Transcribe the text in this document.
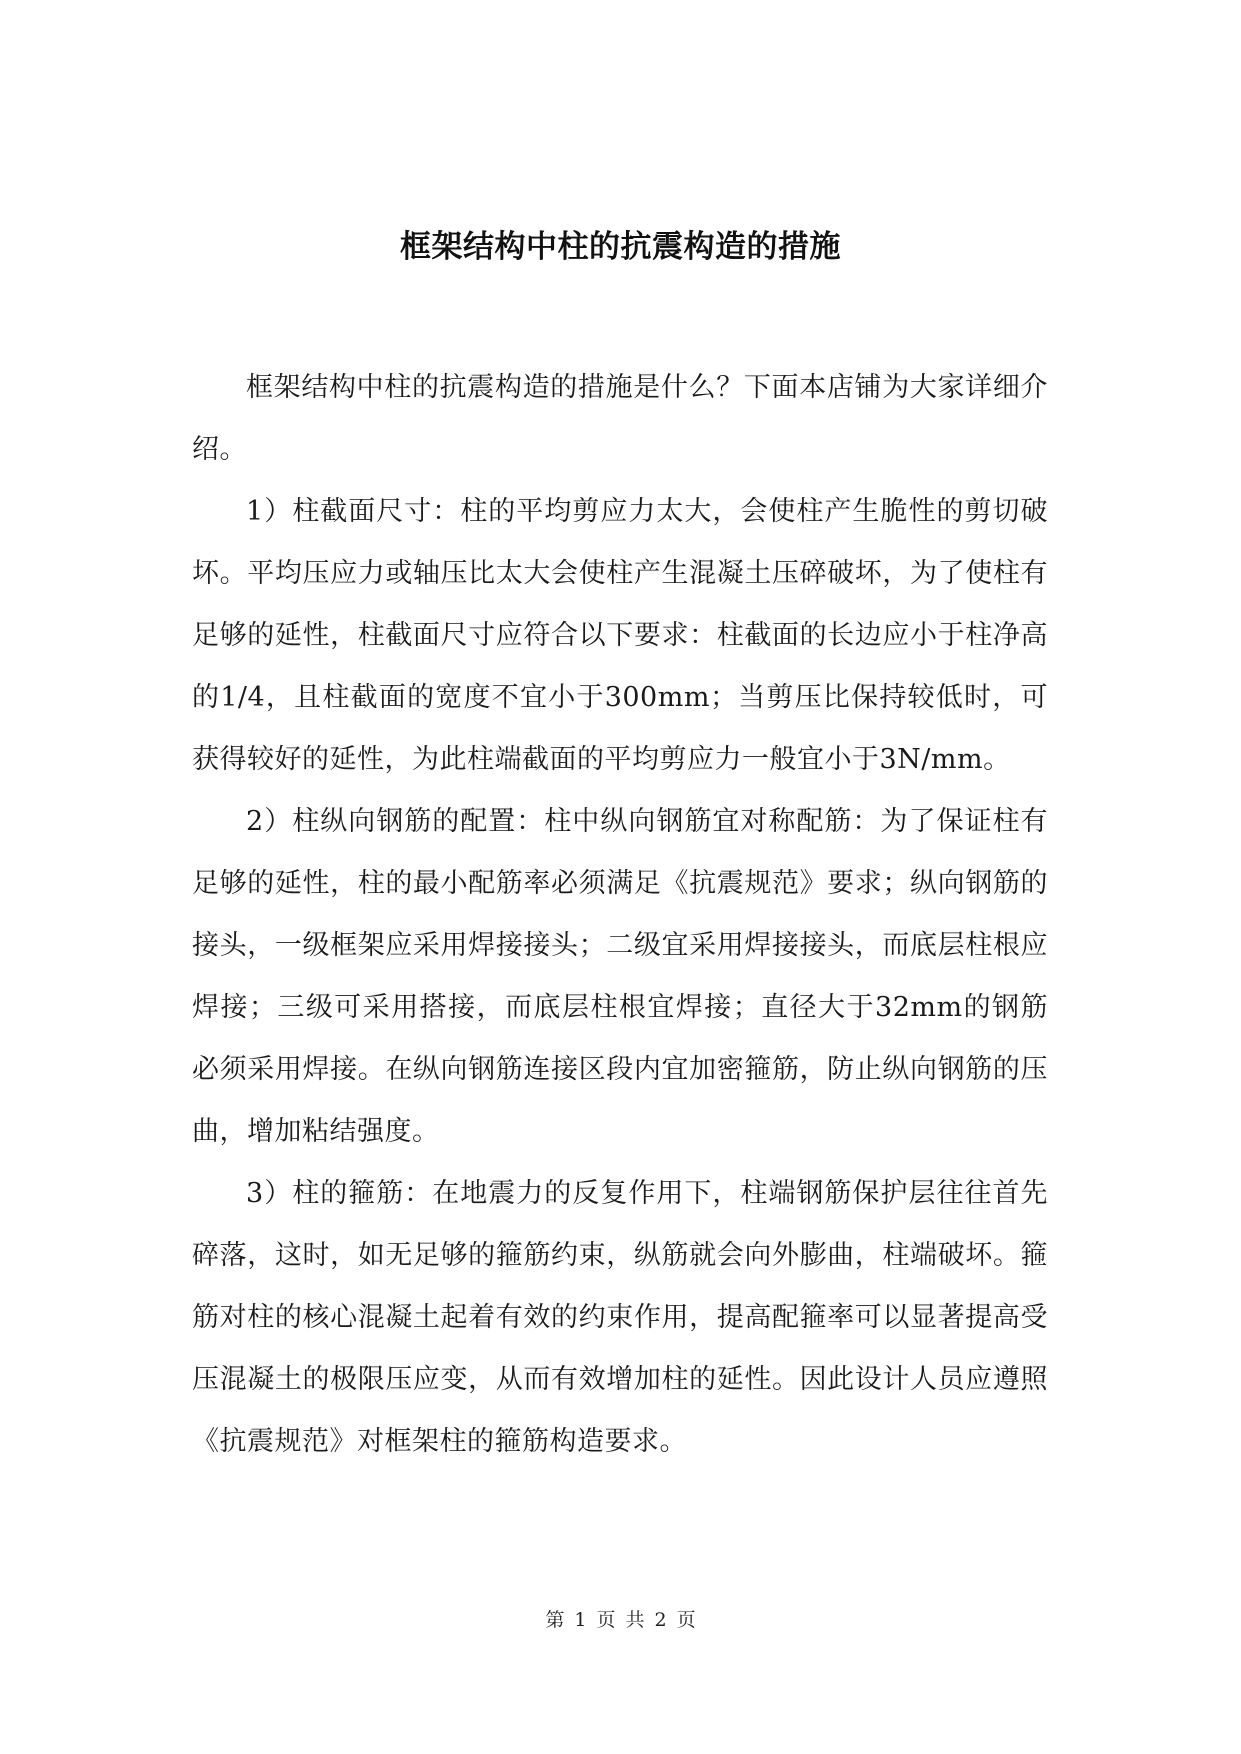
框架结构中柱的抗震构造的措施

框架结构中柱的抗震构造的措施是什么？下面本店铺为大家详细介绍。

1）柱截面尺寸：柱的平均剪应力太大，会使柱产生脆性的剪切破坏。平均压应力或轴压比太大会使柱产生混凝土压碎破坏，为了使柱有足够的延性，柱截面尺寸应符合以下要求：柱截面的长边应小于柱净高的1/4，且柱截面的宽度不宜小于300mm；当剪压比保持较低时，可获得较好的延性，为此柱端截面的平均剪应力一般宜小于3N/mm。

2）柱纵向钢筋的配置：柱中纵向钢筋宜对称配筋：为了保证柱有足够的延性，柱的最小配筋率必须满足《抗震规范》要求；纵向钢筋的接头，一级框架应采用焊接接头；二级宜采用焊接接头，而底层柱根应焊接；三级可采用搭接，而底层柱根宜焊接；直径大于32mm的钢筋必须采用焊接。在纵向钢筋连接区段内宜加密箍筋，防止纵向钢筋的压曲，增加粘结强度。

3）柱的箍筋：在地震力的反复作用下，柱端钢筋保护层往往首先碎落，这时，如无足够的箍筋约束，纵筋就会向外膨曲，柱端破坏。箍筋对柱的核心混凝土起着有效的约束作用，提高配箍率可以显著提高受压混凝土的极限压应变，从而有效增加柱的延性。因此设计人员应遵照《抗震规范》对框架柱的箍筋构造要求。

第 1 页 共 2 页
